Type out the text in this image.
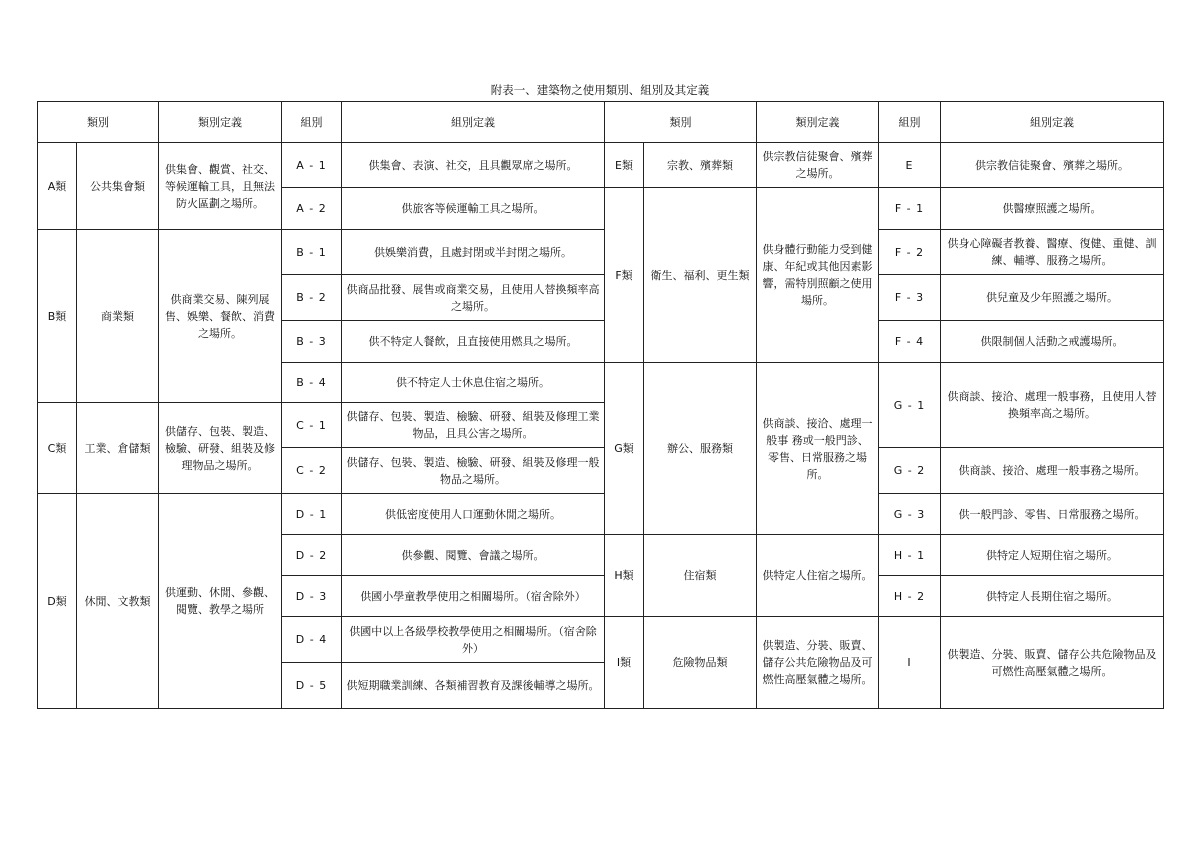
附表一、建築物之使用類別、組別及其定義
類別		類別定義	組別	組別定義	類別		類別定義	組別	組別定義
A類	公共集會類	供集會、觀賞、社交、等候運輸工具，且無法防火區劃之場所。	A - 1	供集會、表演、社交，且具觀眾席之場所。	E類	宗教、殯葬類	供宗教信徒聚會、殯葬之場所。	E	供宗教信徒聚會、殯葬之場所。
			A - 2	供旅客等候運輸工具之場所。	F類	衛生、福利、更生類	供身體行動能力受到健康、年紀或其他因素影響，需特別照顧之使用場所。	F - 1	供醫療照護之場所。
B類	商業類	供商業交易、陳列展售、娛樂、餐飲、消費之場所。	B - 1	供娛樂消費，且處封閉或半封閉之場所。				F - 2	供身心障礙者教養、醫療、復健、重健、訓練、輔導、服務之場所。
			B - 2	供商品批發、展售或商業交易，且使用人替換頻率高之場所。				F - 3	供兒童及少年照護之場所。
			B - 3	供不特定人餐飲，且直接使用燃具之場所。				F - 4	供限制個人活動之戒護場所。
			B - 4	供不特定人士休息住宿之場所。	G類	辦公、服務類	供商談、接洽、處理一般事 務或一般門診、零售、日常服務之場所。	G - 1	供商談、接洽、處理一般事務，且使用人替換頻率高之場所。
C類	工業、倉儲類	供儲存、包裝、製造、檢驗、研發、組裝及修理物品之場所。	C - 1	供儲存、包裝、製造、檢驗、研發、組裝及修理工業物品，且具公害之場所。					
			C - 2	供儲存、包裝、製造、檢驗、研發、組裝及修理一般物品之場所。				G - 2	供商談、接洽、處理一般事務之場所。
D類	休閒、文教類	供運動、休閒、參觀、閱覽、教學之場所	D - 1	供低密度使用人口運動休閒之場所。				G - 3	供一般門診、零售、日常服務之場所。
			D - 2	供參觀、閱覽、會議之場所。	H類	住宿類	供特定人住宿之場所。	H - 1	供特定人短期住宿之場所。
			D - 3	供國小學童教學使用之相關場所。（宿舍除外）				H - 2	供特定人長期住宿之場所。
			D - 4	供國中以上各級學校教學使用之相關場所。（宿舍除外）	I類	危險物品類	供製造、分裝、販賣、儲存公共危險物品及可燃性高壓氣體之場所。	I	供製造、分裝、販賣、儲存公共危險物品及可燃性高壓氣體之場所。
			D - 5	供短期職業訓練、各類補習教育及課後輔導之場所。					
